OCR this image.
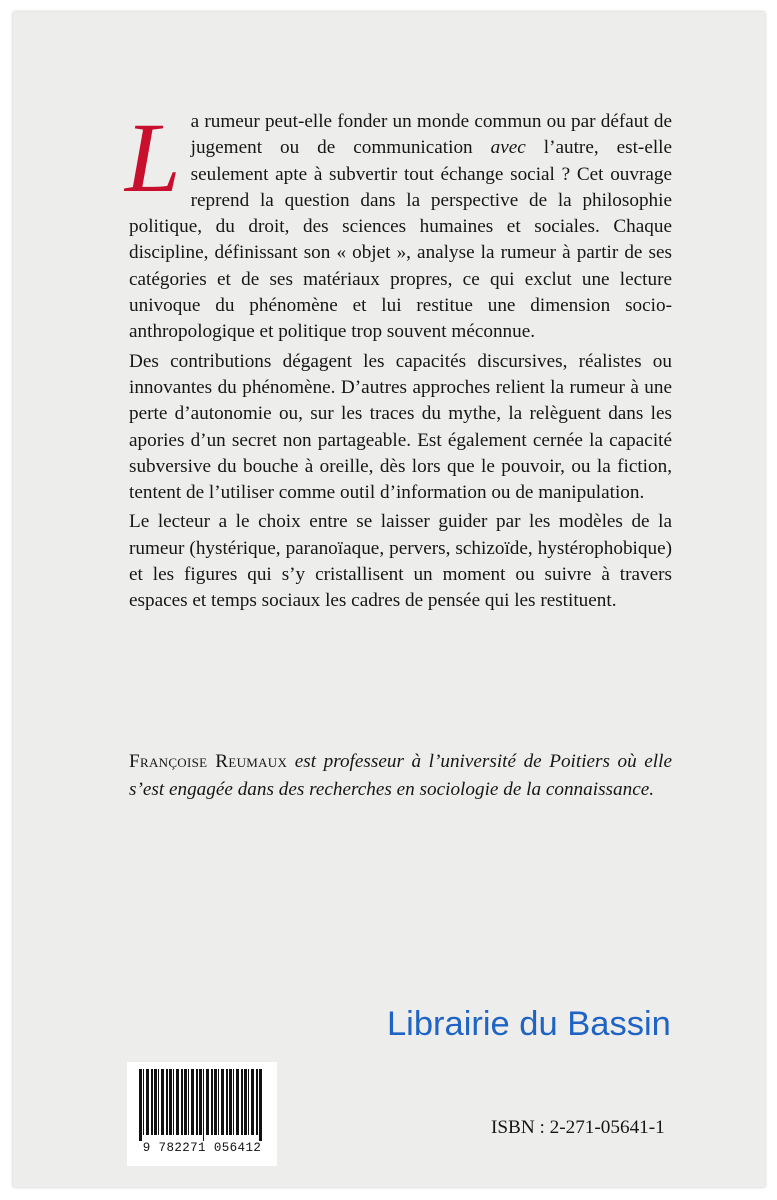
La rumeur peut-elle fonder un monde commun ou par défaut de jugement ou de communication avec l’autre, est-elle seulement apte à subvertir tout échange social ? Cet ouvrage reprend la question dans la perspective de la philosophie politique, du droit, des sciences humaines et sociales. Chaque discipline, définissant son « objet », analyse la rumeur à partir de ses catégories et de ses matériaux propres, ce qui exclut une lecture univoque du phénomène et lui restitue une dimension socio-anthropologique et politique trop souvent méconnue.

Des contributions dégagent les capacités discursives, réalistes ou innovantes du phénomène. D’autres approches relient la rumeur à une perte d’autonomie ou, sur les traces du mythe, la relèguent dans les apories d’un secret non partageable. Est également cernée la capacité subversive du bouche à oreille, dès lors que le pouvoir, ou la fiction, tentent de l’utiliser comme outil d’information ou de manipulation.

Le lecteur a le choix entre se laisser guider par les modèles de la rumeur (hystérique, paranoïaque, pervers, schizoïde, hystérophobique) et les figures qui s’y cristallisent un moment ou suivre à travers espaces et temps sociaux les cadres de pensée qui les restituent.

Françoise Reumaux est professeur à l’université de Poitiers où elle s’est engagée dans des recherches en sociologie de la connaissance.
Librairie du Bassin
9 782271 056412
ISBN : 2-271-05641-1
